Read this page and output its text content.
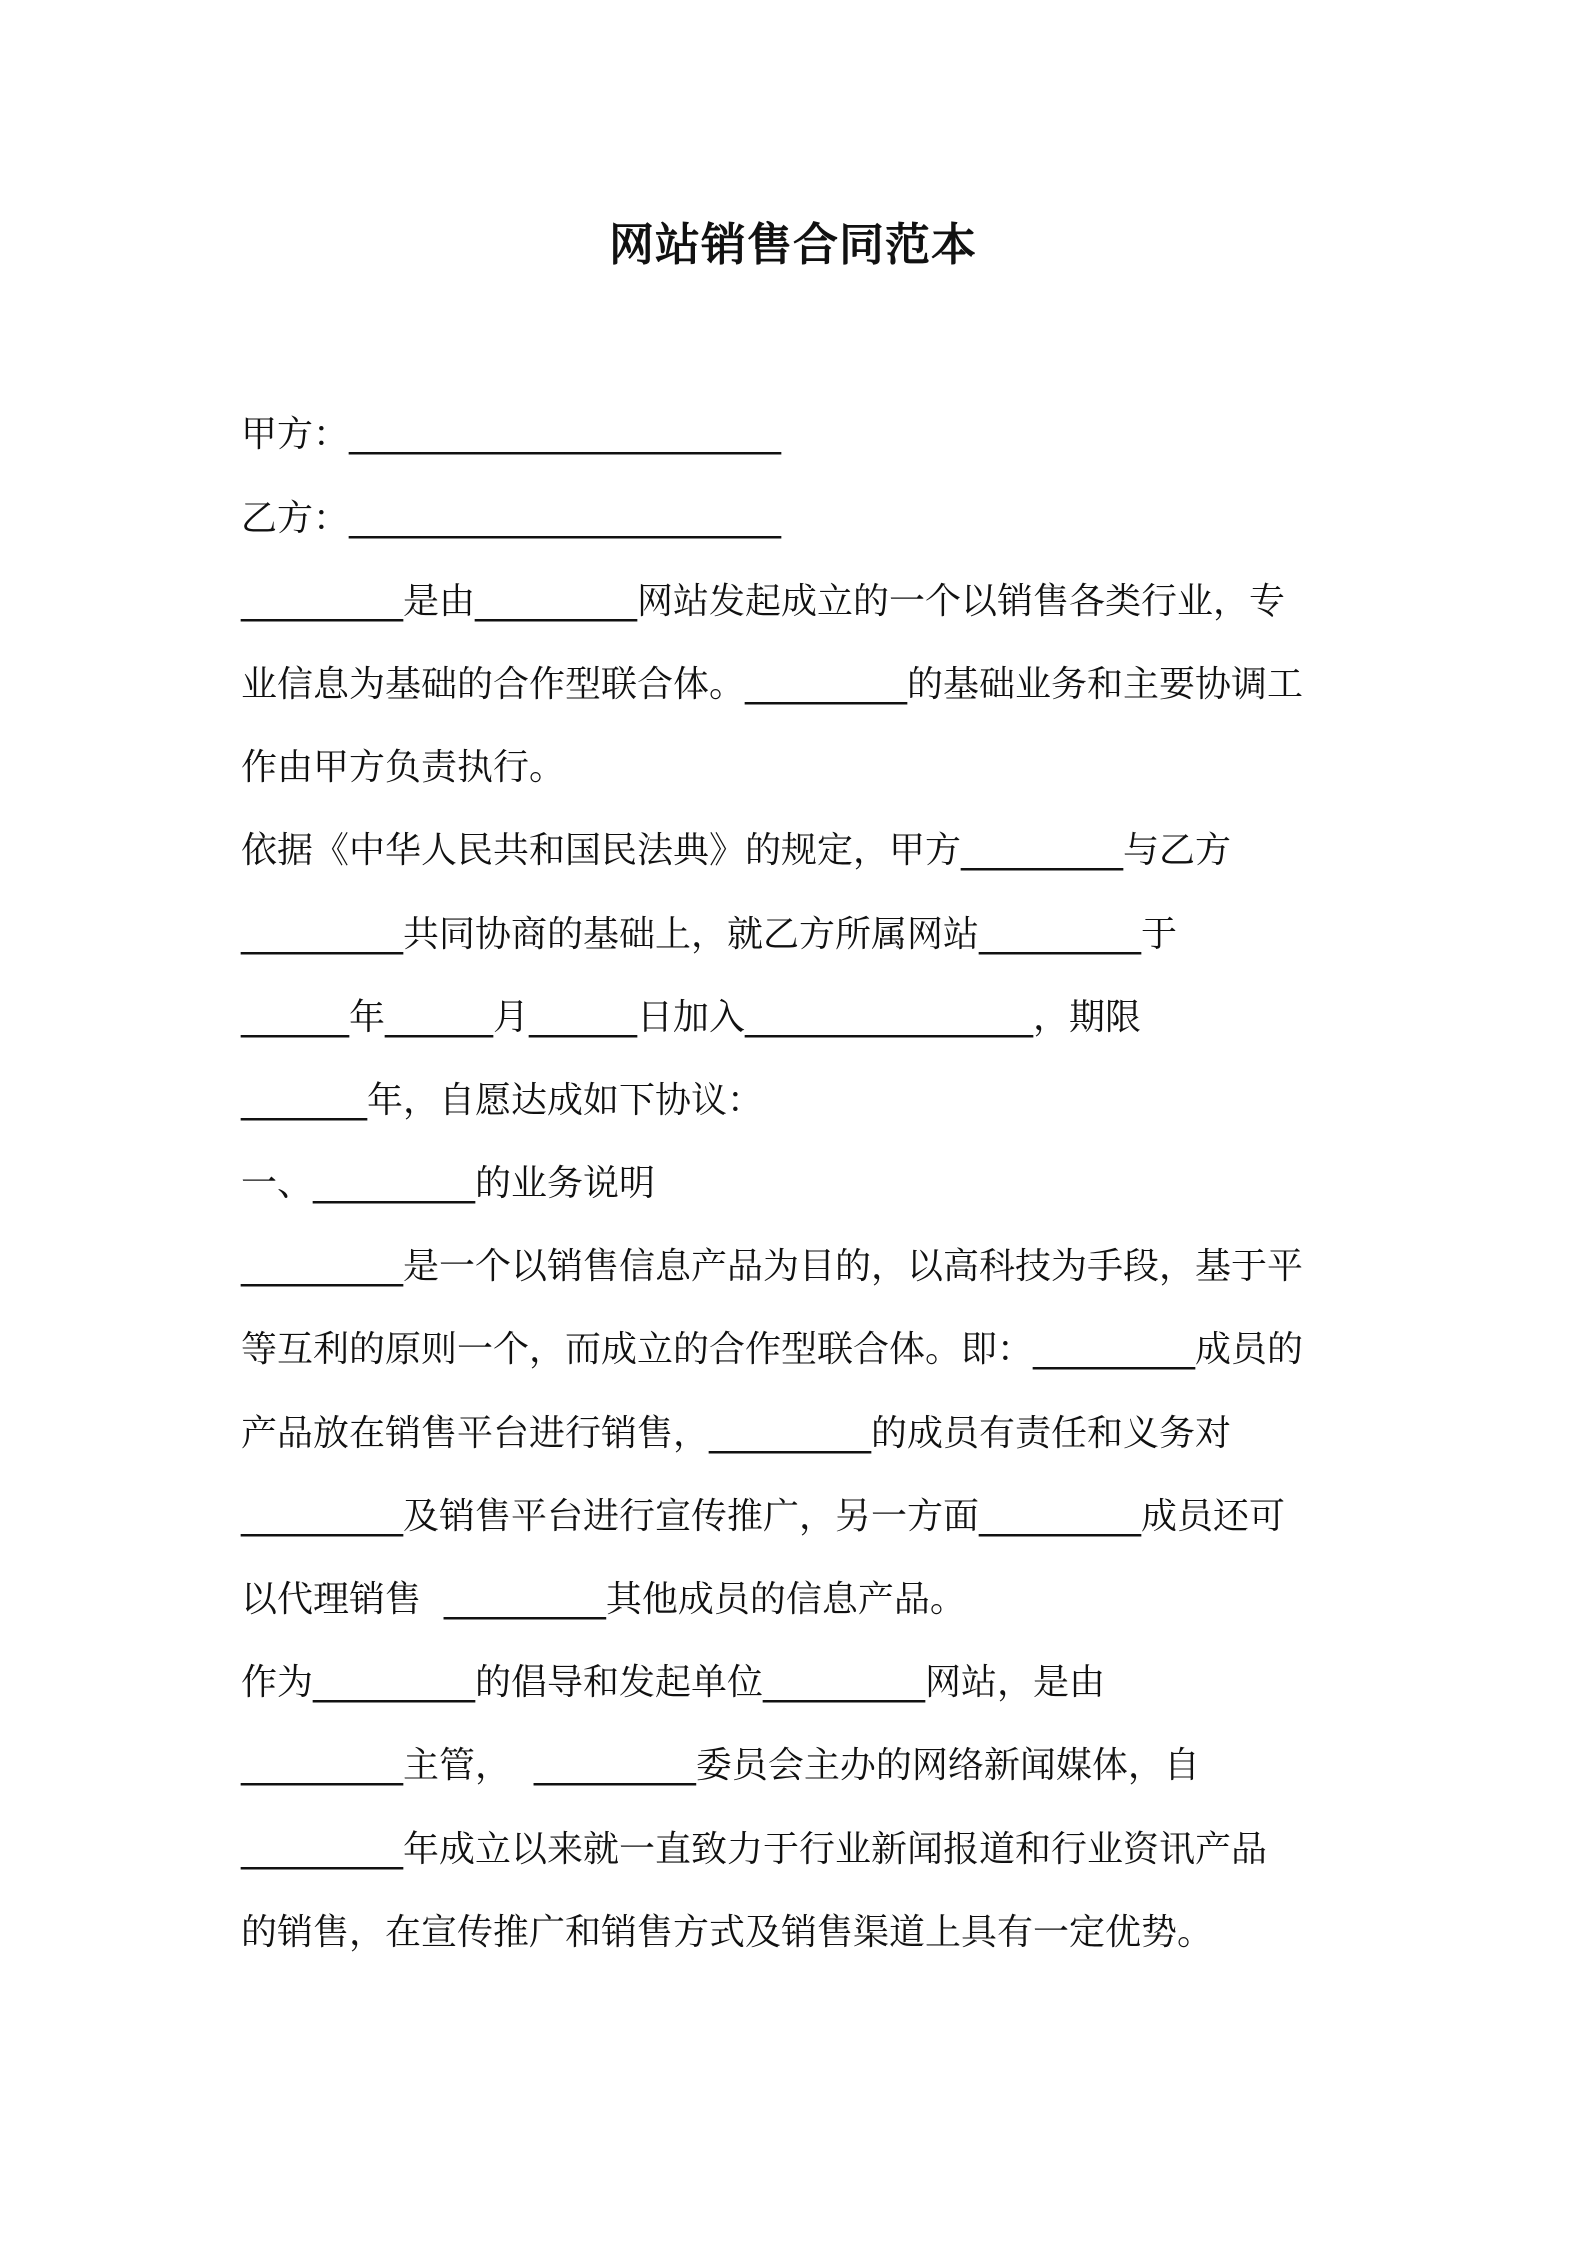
网站销售合同范本
甲方：________________________
乙方：________________________
_________是由_________网站发起成立的一个以销售各类行业，专
业信息为基础的合作型联合体。_________的基础业务和主要协调工
作由甲方负责执行。
依据《中华人民共和国民法典》的规定，甲方_________与乙方
_________共同协商的基础上，就乙方所属网站_________于
______年______月______日加入________________，期限
_______年，自愿达成如下协议：
一、_________的业务说明
_________是一个以销售信息产品为目的，以高科技为手段，基于平
等互利的原则一个，而成立的合作型联合体。即：_________成员的
产品放在销售平台进行销售，_________的成员有责任和义务对
_________及销售平台进行宣传推广，另一方面_________成员还可
以代理销售  _________其他成员的信息产品。
作为_________的倡导和发起单位_________网站，是由
_________主管，  _________委员会主办的网络新闻媒体，自
_________年成立以来就一直致力于行业新闻报道和行业资讯产品
的销售，在宣传推广和销售方式及销售渠道上具有一定优势。
